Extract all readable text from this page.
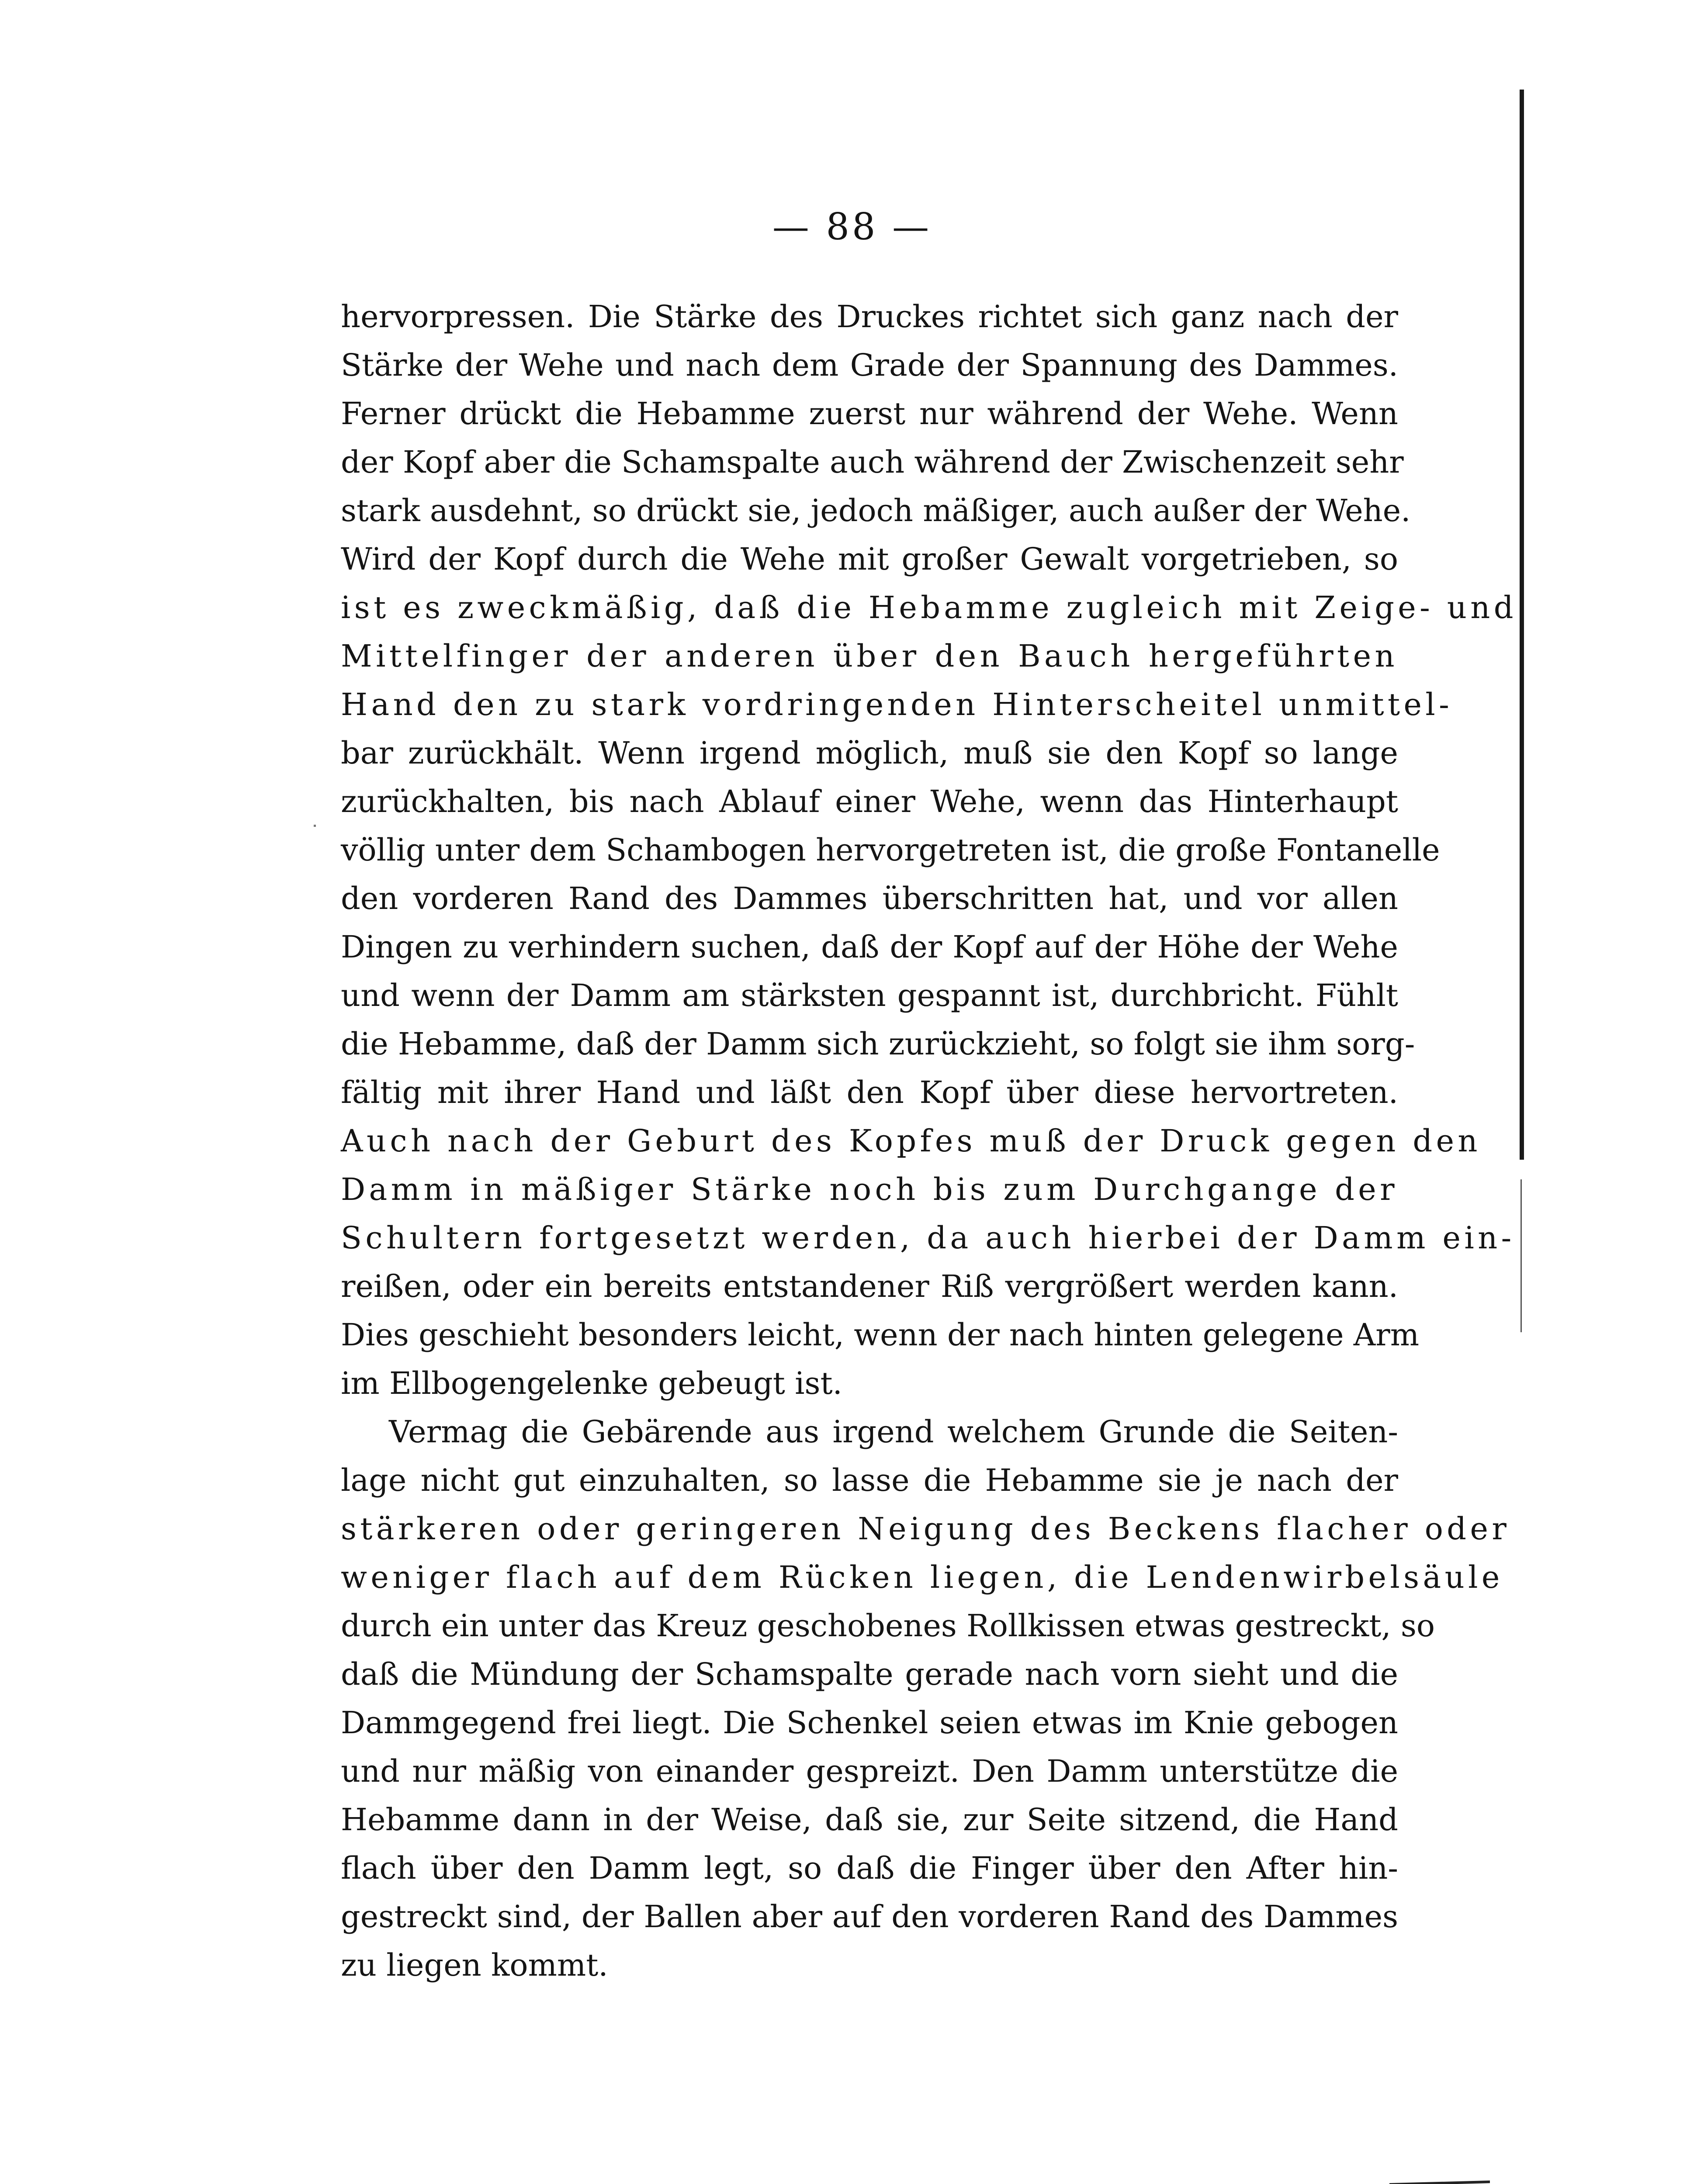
— 88 —
hervorpressen. Die Stärke des Druckes richtet sich ganz nach der
Stärke der Wehe und nach dem Grade der Spannung des Dammes.
Ferner drückt die Hebamme zuerst nur während der Wehe. Wenn
der Kopf aber die Schamspalte auch während der Zwischenzeit sehr
stark ausdehnt, so drückt sie, jedoch mäßiger, auch außer der Wehe.
Wird der Kopf durch die Wehe mit großer Gewalt vorgetrieben, so
ist es zweckmäßig, daß die Hebamme zugleich mit Zeige- und
Mittelfinger der anderen über den Bauch hergeführten
Hand den zu stark vordringenden Hinterscheitel unmittel-
bar zurückhält. Wenn irgend möglich, muß sie den Kopf so lange
zurückhalten, bis nach Ablauf einer Wehe, wenn das Hinterhaupt
völlig unter dem Schambogen hervorgetreten ist, die große Fontanelle
den vorderen Rand des Dammes überschritten hat, und vor allen
Dingen zu verhindern suchen, daß der Kopf auf der Höhe der Wehe
und wenn der Damm am stärksten gespannt ist, durchbricht. Fühlt
die Hebamme, daß der Damm sich zurückzieht, so folgt sie ihm sorg-
fältig mit ihrer Hand und läßt den Kopf über diese hervortreten.
Auch nach der Geburt des Kopfes muß der Druck gegen den
Damm in mäßiger Stärke noch bis zum Durchgange der
Schultern fortgesetzt werden, da auch hierbei der Damm ein-
reißen, oder ein bereits entstandener Riß vergrößert werden kann.
Dies geschieht besonders leicht, wenn der nach hinten gelegene Arm
im Ellbogengelenke gebeugt ist.
Vermag die Gebärende aus irgend welchem Grunde die Seiten-
lage nicht gut einzuhalten, so lasse die Hebamme sie je nach der
stärkeren oder geringeren Neigung des Beckens flacher oder
weniger flach auf dem Rücken liegen, die Lendenwirbelsäule
durch ein unter das Kreuz geschobenes Rollkissen etwas gestreckt, so
daß die Mündung der Schamspalte gerade nach vorn sieht und die
Dammgegend frei liegt. Die Schenkel seien etwas im Knie gebogen
und nur mäßig von einander gespreizt. Den Damm unterstütze die
Hebamme dann in der Weise, daß sie, zur Seite sitzend, die Hand
flach über den Damm legt, so daß die Finger über den After hin-
gestreckt sind, der Ballen aber auf den vorderen Rand des Dammes
zu liegen kommt.
